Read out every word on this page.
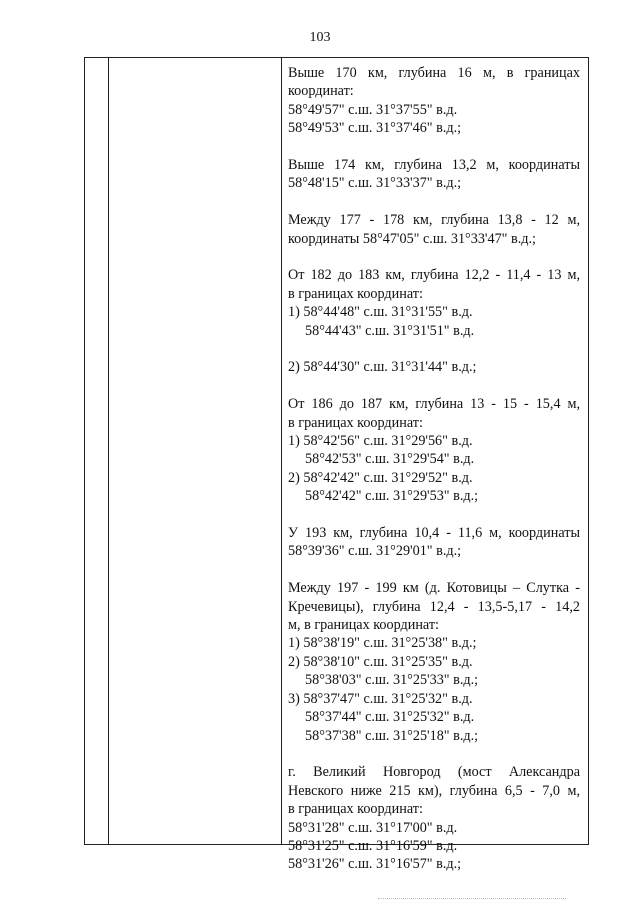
103
Выше 170 км, глубина 16 м, в границах
координат:
58°49'57" с.ш. 31°37'55" в.д.
58°49'53" с.ш. 31°37'46" в.д.;
Выше 174 км, глубина 13,2 м, координаты
58°48'15" с.ш. 31°33'37" в.д.;
Между 177 - 178 км, глубина 13,8 - 12 м,
координаты 58°47'05" с.ш. 31°33'47" в.д.;
От 182 до 183 км, глубина 12,2 - 11,4 - 13 м,
в границах координат:
1) 58°44'48" с.ш. 31°31'55" в.д.
58°44'43" с.ш. 31°31'51" в.д.
2) 58°44'30" с.ш. 31°31'44" в.д.;
От 186 до 187 км, глубина 13 - 15 - 15,4 м,
в границах координат:
1) 58°42'56" с.ш. 31°29'56" в.д.
58°42'53" с.ш. 31°29'54" в.д.
2) 58°42'42" с.ш. 31°29'52" в.д.
58°42'42" с.ш. 31°29'53" в.д.;
У 193 км, глубина 10,4 - 11,6 м, координаты
58°39'36" с.ш. 31°29'01" в.д.;
Между 197 - 199 км (д. Котовицы – Слутка -
Кречевицы), глубина 12,4 - 13,5-5,17 - 14,2
м, в границах координат:
1) 58°38'19" с.ш. 31°25'38" в.д.;
2) 58°38'10" с.ш. 31°25'35" в.д.
58°38'03" с.ш. 31°25'33" в.д.;
3) 58°37'47" с.ш. 31°25'32" в.д.
58°37'44" с.ш. 31°25'32" в.д.
58°37'38" с.ш. 31°25'18" в.д.;
г. Великий Новгород (мост Александра
Невского ниже 215 км), глубина 6,5 - 7,0 м,
в границах координат:
58°31'28" с.ш. 31°17'00" в.д.
58°31'25" с.ш. 31°16'59" в.д.
58°31'26" с.ш. 31°16'57" в.д.;
